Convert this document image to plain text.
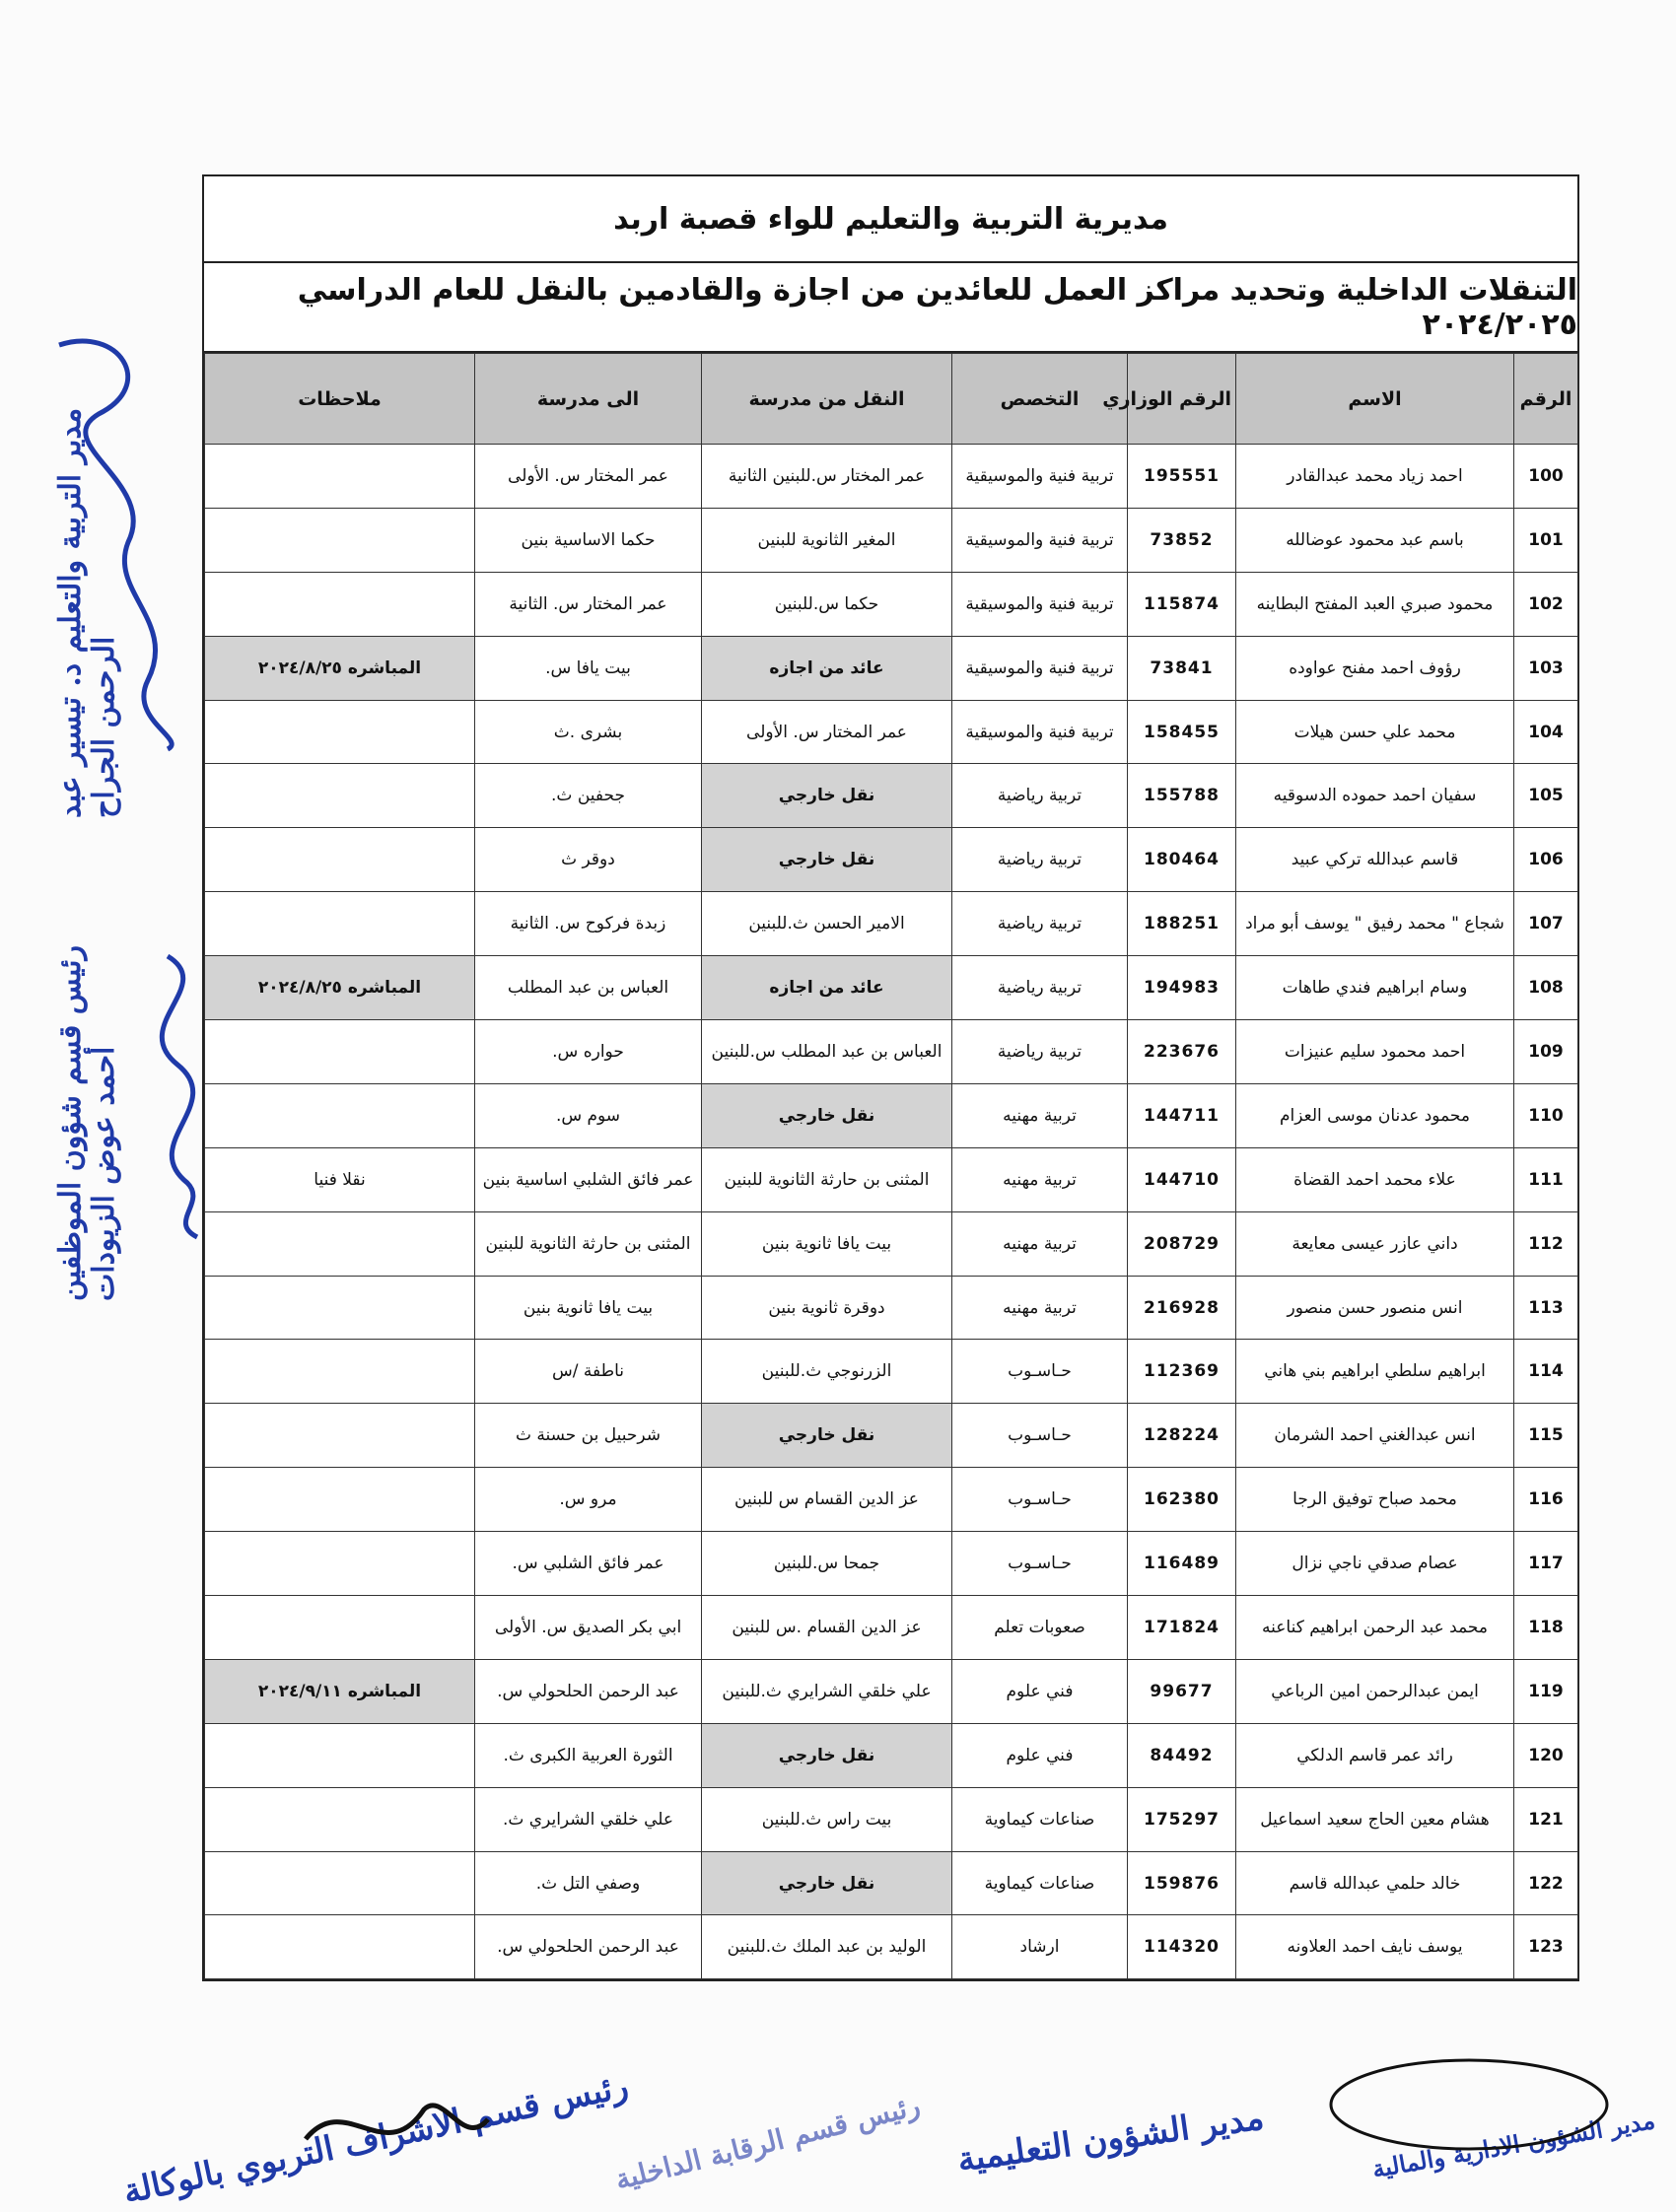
مديرية التربية والتعليم للواء قصبة اربد
التنقلات الداخلية وتحديد مراكز العمل للعائدين من اجازة والقادمين بالنقل للعام الدراسي ٢٠٢٤/٢٠٢٥
الرقم	الاسم	الرقم الوزاري	التخصص	النقل من مدرسة	الى مدرسة	ملاحظات
100	احمد زياد محمد عبدالقادر	195551	تربية فنية والموسيقية	عمر المختار س.للبنين الثانية	عمر المختار س. الأولى	
101	باسم عبد محمود عوضالله	73852	تربية فنية والموسيقية	المغير الثانوية للبنين	حكما الاساسية بنين	
102	محمود صبري العبد المفتح البطاينه	115874	تربية فنية والموسيقية	حكما س.للبنين	عمر المختار س. الثانية	
103	رؤوف احمد مفنح عواوده	73841	تربية فنية والموسيقية	عائد من اجازه	بيت يافا س.	المباشره ٢٠٢٤/٨/٢٥
104	محمد علي حسن هيلات	158455	تربية فنية والموسيقية	عمر المختار س. الأولى	بشرى .ث	
105	سفيان احمد حموده الدسوقيه	155788	تربية رياضية	نقل خارجي	جحفين ث.	
106	قاسم عبدالله تركي عبيد	180464	تربية رياضية	نقل خارجي	دوقر ث	
107	شجاع " محمد رفيق " يوسف أبو مراد	188251	تربية رياضية	الامير الحسن ث.للبنين	زبدة فركوح س. الثانية	
108	وسام ابراهيم فندي طاهات	194983	تربية رياضية	عائد من اجازه	العباس بن عبد المطلب	المباشره ٢٠٢٤/٨/٢٥
109	احمد محمود سليم عنيزات	223676	تربية رياضية	العباس بن عبد المطلب س.للبنين	حواره س.	
110	محمود عدنان موسى العزام	144711	تربية مهنيه	نقل خارجي	سوم س.	
111	علاء محمد احمد القضاة	144710	تربية مهنيه	المثنى بن حارثة الثانوية للبنين	عمر فائق الشلبي اساسية بنين	نقلا فنيا
112	داني عازر عيسى معايعة	208729	تربية مهنيه	بيت يافا ثانوية بنين	المثنى بن حارثة الثانوية للبنين	
113	انس منصور حسن منصور	216928	تربية مهنيه	دوقرة ثانوية بنين	بيت يافا ثانوية بنين	
114	ابراهيم سلطي ابراهيم بني هاني	112369	حـاسـوب	الزرنوجي ث.للبنين	ناطفة /س	
115	انس عبدالغني احمد الشرمان	128224	حـاسـوب	نقل خارجي	شرحبيل بن حسنة ث	
116	محمد صباح توفيق الرجا	162380	حـاسـوب	عز الدين القسام س للبنين	مرو س.	
117	عصام صدقي ناجي نزال	116489	حـاسـوب	جمحا س.للبنين	عمر فائق الشلبي س.	
118	محمد عبد الرحمن ابراهيم كناعنه	171824	صعوبات تعلم	عز الدين القسام .س للبنين	ابي بكر الصديق س. الأولى	
119	ايمن عبدالرحمن امين الرباعي	99677	فني علوم	علي خلقي الشرايري ث.للبنين	عبد الرحمن الحلحولي س.	المباشره ٢٠٢٤/٩/١١
120	رائد عمر قاسم الدلكي	84492	فني علوم	نقل خارجي	الثورة العربية الكبرى ث.	
121	هشام معين الحاج سعيد اسماعيل	175297	صناعات كيماوية	بيت راس ث.للبنين	علي خلقي الشرايري ث.	
122	خالد حلمي عبدالله قاسم	159876	صناعات كيماوية	نقل خارجي	وصفي التل ث.	
123	يوسف نايف احمد العلاونه	114320	ارشاد	الوليد بن عبد الملك ث.للبنين	عبد الرحمن الحلحولي س.	
مدير التربية والتعليم د. تيسير عبد الرحمن الجراح
رئيس قسم شؤون الموظفين أحمد عوض الزيودات
رئيس قسم الاشراف التربوي بالوكالة
رئيس قسم الرقابة الداخلية مدير الشؤون التعليمية	مدير الشؤون الادارية والمالية
